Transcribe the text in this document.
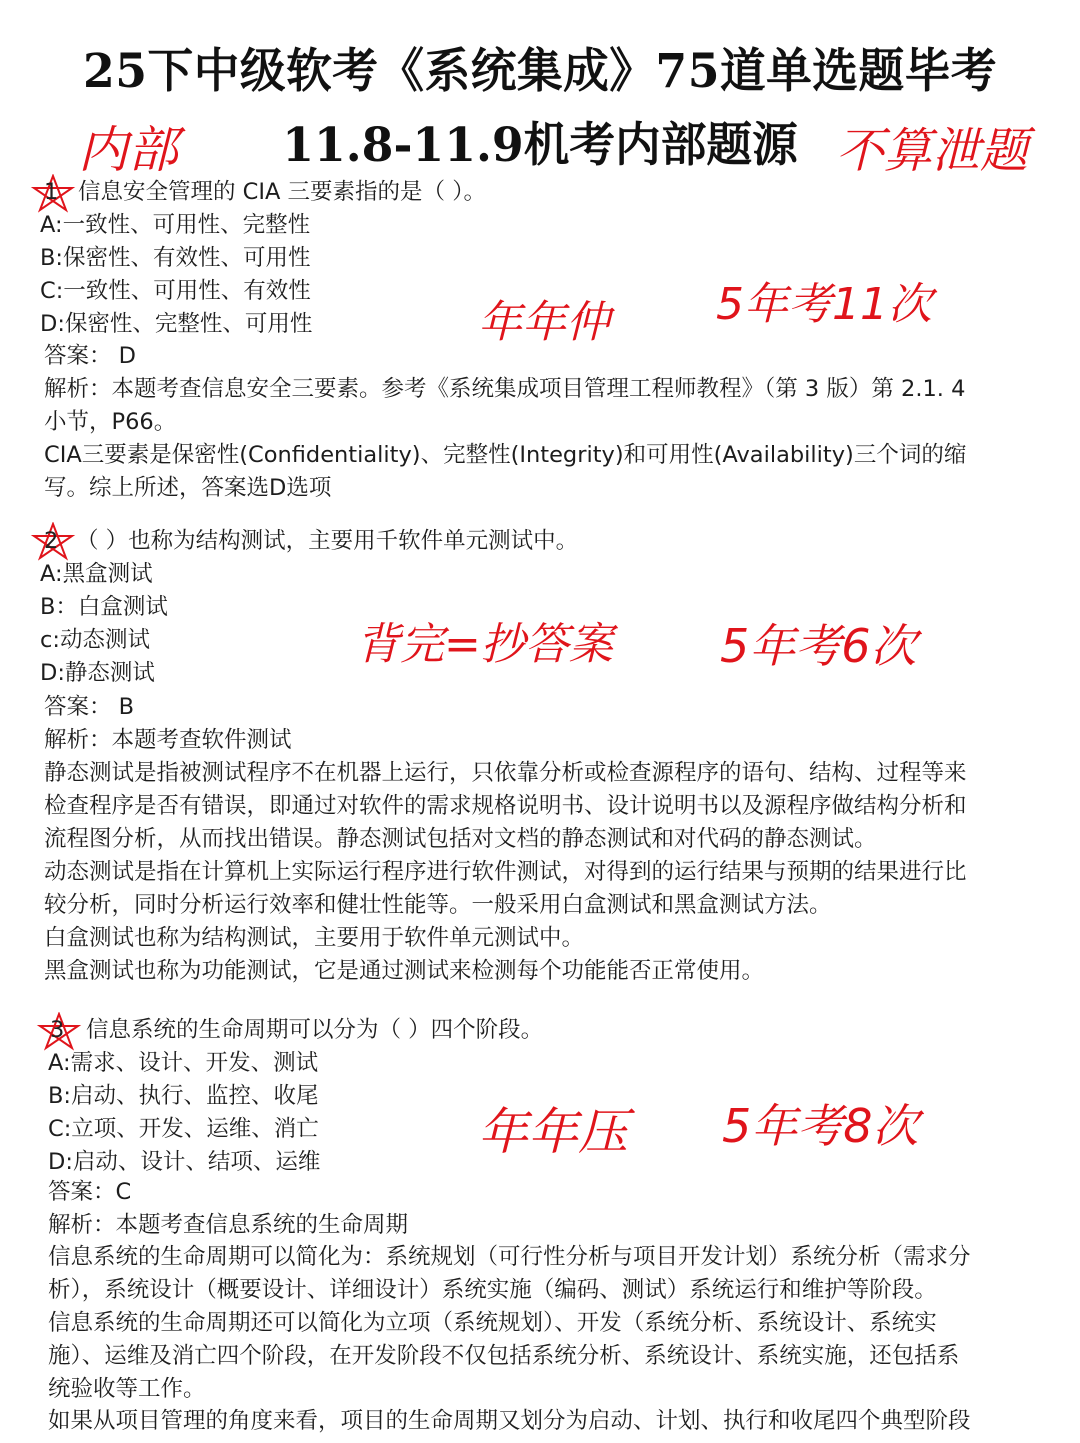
25下中级软考《系统集成》75道单选题毕考
11.8-11.9机考内部题源
内部	不算泄题
年年仲 5年考11次
背完=抄答案 5年考6次
年年压 5年考8次
1 信息安全管理的 CIA 三要素指的是（ ）。
A:一致性、可用性、完整性
B:保密性、有效性、可用性
C:一致性、可用性、有效性
D:保密性、完整性、可用性
答案： D
解析：本题考查信息安全三要素。参考《系统集成项目管理工程师教程》（第 3 版）第 2.1. 4
小节，P66。
CIA三要素是保密性(Confidentiality)、完整性(Integrity)和可用性(Availability)三个词的缩
写。综上所述，答案选D选项
2 （ ）也称为结构测试，主要用千软件单元测试中。
A:黑盒测试
B：白盒测试
c:动态测试
D:静态测试
答案： B
解析：本题考查软件测试
静态测试是指被测试程序不在机器上运行，只依靠分析或检查源程序的语句、结构、过程等来
检查程序是否有错误，即通过对软件的需求规格说明书、设计说明书以及源程序做结构分析和
流程图分析，从而找出错误。静态测试包括对文档的静态测试和对代码的静态测试。
动态测试是指在计算机上实际运行程序进行软件测试，对得到的运行结果与预期的结果进行比
较分析，同时分析运行效率和健壮性能等。一般采用白盒测试和黑盒测试方法。
白盒测试也称为结构测试，主要用于软件单元测试中。
黑盒测试也称为功能测试，它是通过测试来检测每个功能能否正常使用。
3 信息系统的生命周期可以分为（ ）四个阶段。
A:需求、设计、开发、测试
B:启动、执行、监控、收尾
C:立项、开发、运维、消亡
D:启动、设计、结项、运维
答案：C
解析：本题考查信息系统的生命周期
信息系统的生命周期可以简化为：系统规划（可行性分析与项目开发计划）系统分析（需求分
析），系统设计（概要设计、详细设计）系统实施（编码、测试）系统运行和维护等阶段。
信息系统的生命周期还可以简化为立项（系统规划）、开发（系统分析、系统设计、系统实
施）、运维及消亡四个阶段，在开发阶段不仅包括系统分析、系统设计、系统实施，还包括系
统验收等工作。
如果从项目管理的角度来看，项目的生命周期又划分为启动、计划、执行和收尾四个典型阶段
